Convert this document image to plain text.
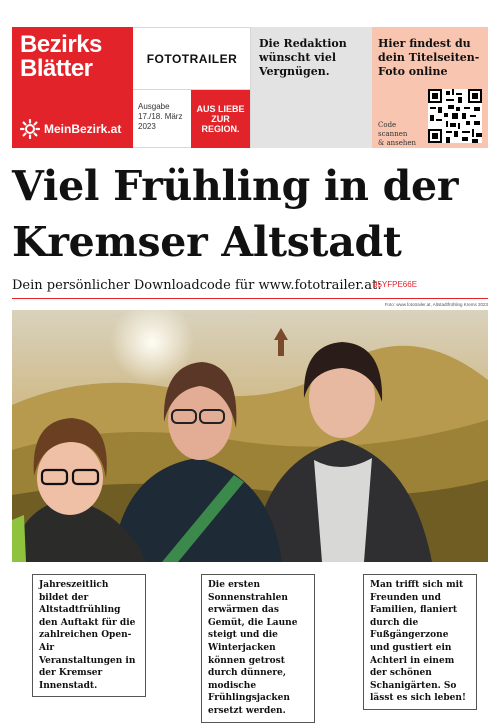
Bezirks
Blätter
MeinBezirk.at
FOTOTRAILER
Ausgabe
17./18. März
2023
AUS LIEBE
ZUR
REGION.
Die Redaktion wünscht viel Vergnügen.
Hier findest du dein Titelseiten-Foto online
Code
scannen
& ansehen
Viel Frühling in der Kremser Altstadt
Dein persönlicher Downloadcode für www.fototrailer.at:
95YFPE66E
Foto: www.fototrailer.at, Altstadtfrühling Krems 2023
Jahreszeitlich bildet der Altstadtfrühling den Auftakt für die zahlreichen Open-Air Veranstaltungen in der Kremser Innenstadt.
Die ersten Sonnenstrahlen erwärmen das Gemüt, die Laune steigt und die Winterjacken können getrost durch dünnere, modische Frühlingsjacken ersetzt werden.
Man trifft sich mit Freunden und Familien, flaniert durch die Fußgängerzone und gustiert ein Achterl in einem der schönen Schanigärten. So lässt es sich leben!
